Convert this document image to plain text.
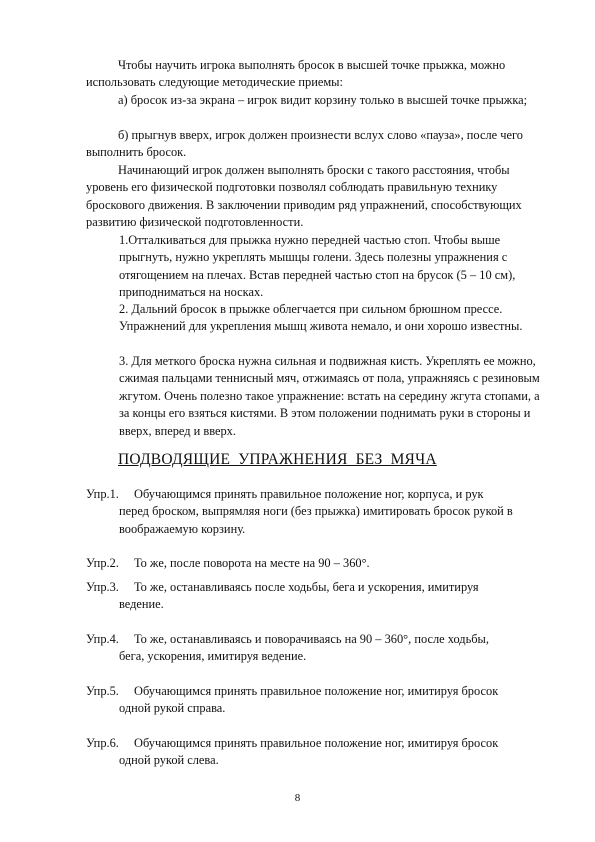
Чтобы научить игрока выполнять бросок в высшей точке прыжка, можно использовать следующие методические приемы:

а) бросок из-за экрана – игрок видит корзину только в высшей точке прыжка;

б) прыгнув вверх, игрок должен произнести вслух слово «пауза», после чего выполнить бросок.

Начинающий игрок должен выполнять броски с такого расстояния, чтобы уровень его физической подготовки позволял соблюдать правильную технику броскового движения. В заключении приводим ряд упражнений, способствующих развитию физической подготовленности.

1.Отталкиваться для прыжка нужно передней частью стоп. Чтобы выше прыгнуть, нужно укреплять мышцы голени. Здесь полезны упражнения с отягощением на плечах. Встав передней частью стоп на брусок (5 – 10 см), приподниматься на носках.

2. Дальний бросок в прыжке облегчается при сильном брюшном прессе. Упражнений для укрепления мышц живота немало, и они хорошо известны.

3. Для меткого броска нужна сильная и подвижная кисть. Укреплять ее можно, сжимая пальцами теннисный мяч, отжимаясь от пола, упражняясь с резиновым жгутом. Очень полезно такое упражнение: встать на середину жгута стопами, а за концы его взяться кистями. В этом положении поднимать руки в стороны и вверх, вперед и вверх.

ПОДВОДЯЩИЕ УПРАЖНЕНИЯ БЕЗ МЯЧА
Упр.1.	Обучающимся принять правильное положение ног, корпуса, и рук
перед броском, выпрямляя ноги (без прыжка) имитировать бросок рукой в воображаемую корзину.
Упр.2.	То же, после поворота на месте на 90 – 360°.
Упр.3.	То же, останавливаясь после ходьбы, бега и ускорения, имитируя
ведение.
Упр.4.	То же, останавливаясь и поворачиваясь на 90 – 360°, после ходьбы,
бега, ускорения, имитируя ведение.
Упр.5.	Обучающимся принять правильное положение ног, имитируя бросок
одной рукой справа.
Упр.6.	Обучающимся принять правильное положение ног, имитируя бросок
одной рукой слева.
8
